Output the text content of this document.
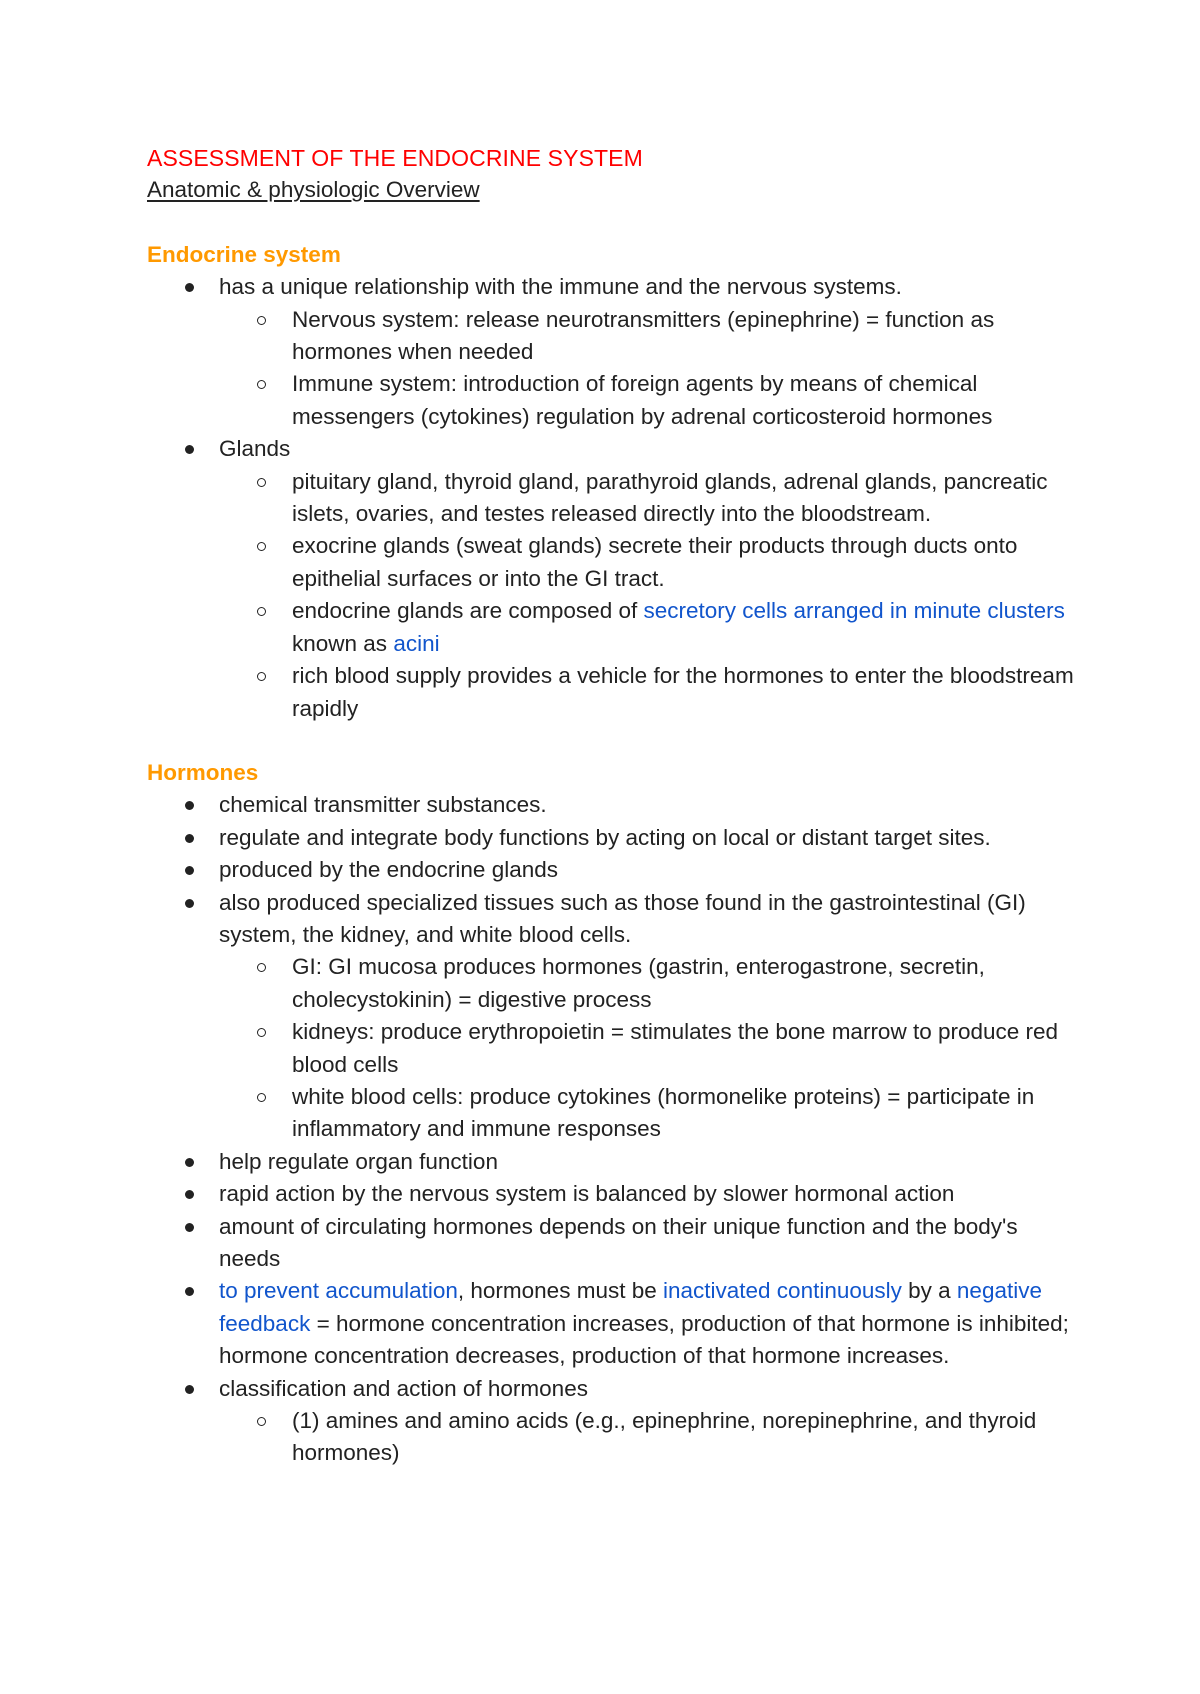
ASSESSMENT OF THE ENDOCRINE SYSTEM

Anatomic & physiologic Overview

Endocrine system
has a unique relationship with the immune and the nervous systems.
Nervous system: release neurotransmitters (epinephrine) = function as hormones when needed
Immune system: introduction of foreign agents by means of chemical messengers (cytokines) regulation by adrenal corticosteroid hormones
Glands
pituitary gland, thyroid gland, parathyroid glands, adrenal glands, pancreatic islets, ovaries, and testes released directly into the bloodstream.
exocrine glands (sweat glands) secrete their products through ducts onto epithelial surfaces or into the GI tract.
endocrine glands are composed of secretory cells arranged in minute clusters known as acini
rich blood supply provides a vehicle for the hormones to enter the bloodstream rapidly
Hormones
chemical transmitter substances.
regulate and integrate body functions by acting on local or distant target sites.
produced by the endocrine glands
also produced specialized tissues such as those found in the gastrointestinal (GI) system, the kidney, and white blood cells.
GI: GI mucosa produces hormones (gastrin, enterogastrone, secretin, cholecystokinin) = digestive process
kidneys: produce erythropoietin = stimulates the bone marrow to produce red blood cells
white blood cells: produce cytokines (hormonelike proteins) = participate in inflammatory and immune responses
help regulate organ function
rapid action by the nervous system is balanced by slower hormonal action
amount of circulating hormones depends on their unique function and the body's needs
to prevent accumulation, hormones must be inactivated continuously by a negative feedback = hormone concentration increases, production of that hormone is inhibited; hormone concentration decreases, production of that hormone increases.
classification and action of hormones
(1) amines and amino acids (e.g., epinephrine, norepinephrine, and thyroid hormones)
